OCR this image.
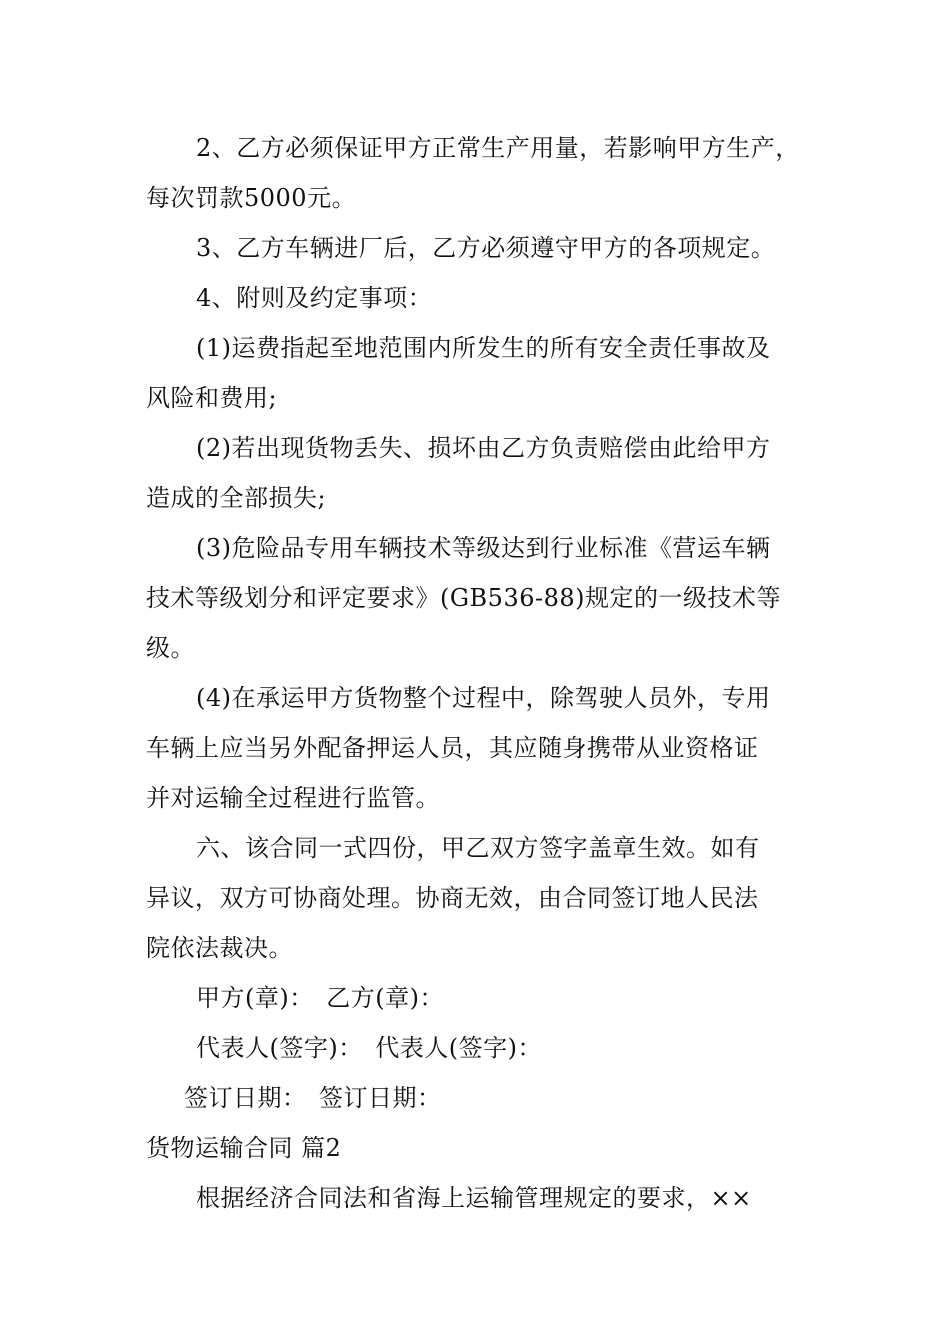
2、乙方必须保证甲方正常生产用量，若影响甲方生产，
每次罚款5000元。
3、乙方车辆进厂后，乙方必须遵守甲方的各项规定。
4、附则及约定事项：
(1)运费指起至地范围内所发生的所有安全责任事故及
风险和费用;
(2)若出现货物丢失、损坏由乙方负责赔偿由此给甲方
造成的全部损失;
(3)危险品专用车辆技术等级达到行业标准《营运车辆
技术等级划分和评定要求》(GB536-88)规定的一级技术等
级。
(4)在承运甲方货物整个过程中，除驾驶人员外，专用
车辆上应当另外配备押运人员，其应随身携带从业资格证
并对运输全过程进行监管。
六、该合同一式四份，甲乙双方签字盖章生效。如有
异议，双方可协商处理。协商无效，由合同签订地人民法
院依法裁决。
甲方(章)：　乙方(章)：
代表人(签字)：　代表人(签字)：
签订日期：　签订日期：
货物运输合同 篇2
根据经济合同法和省海上运输管理规定的要求，××
